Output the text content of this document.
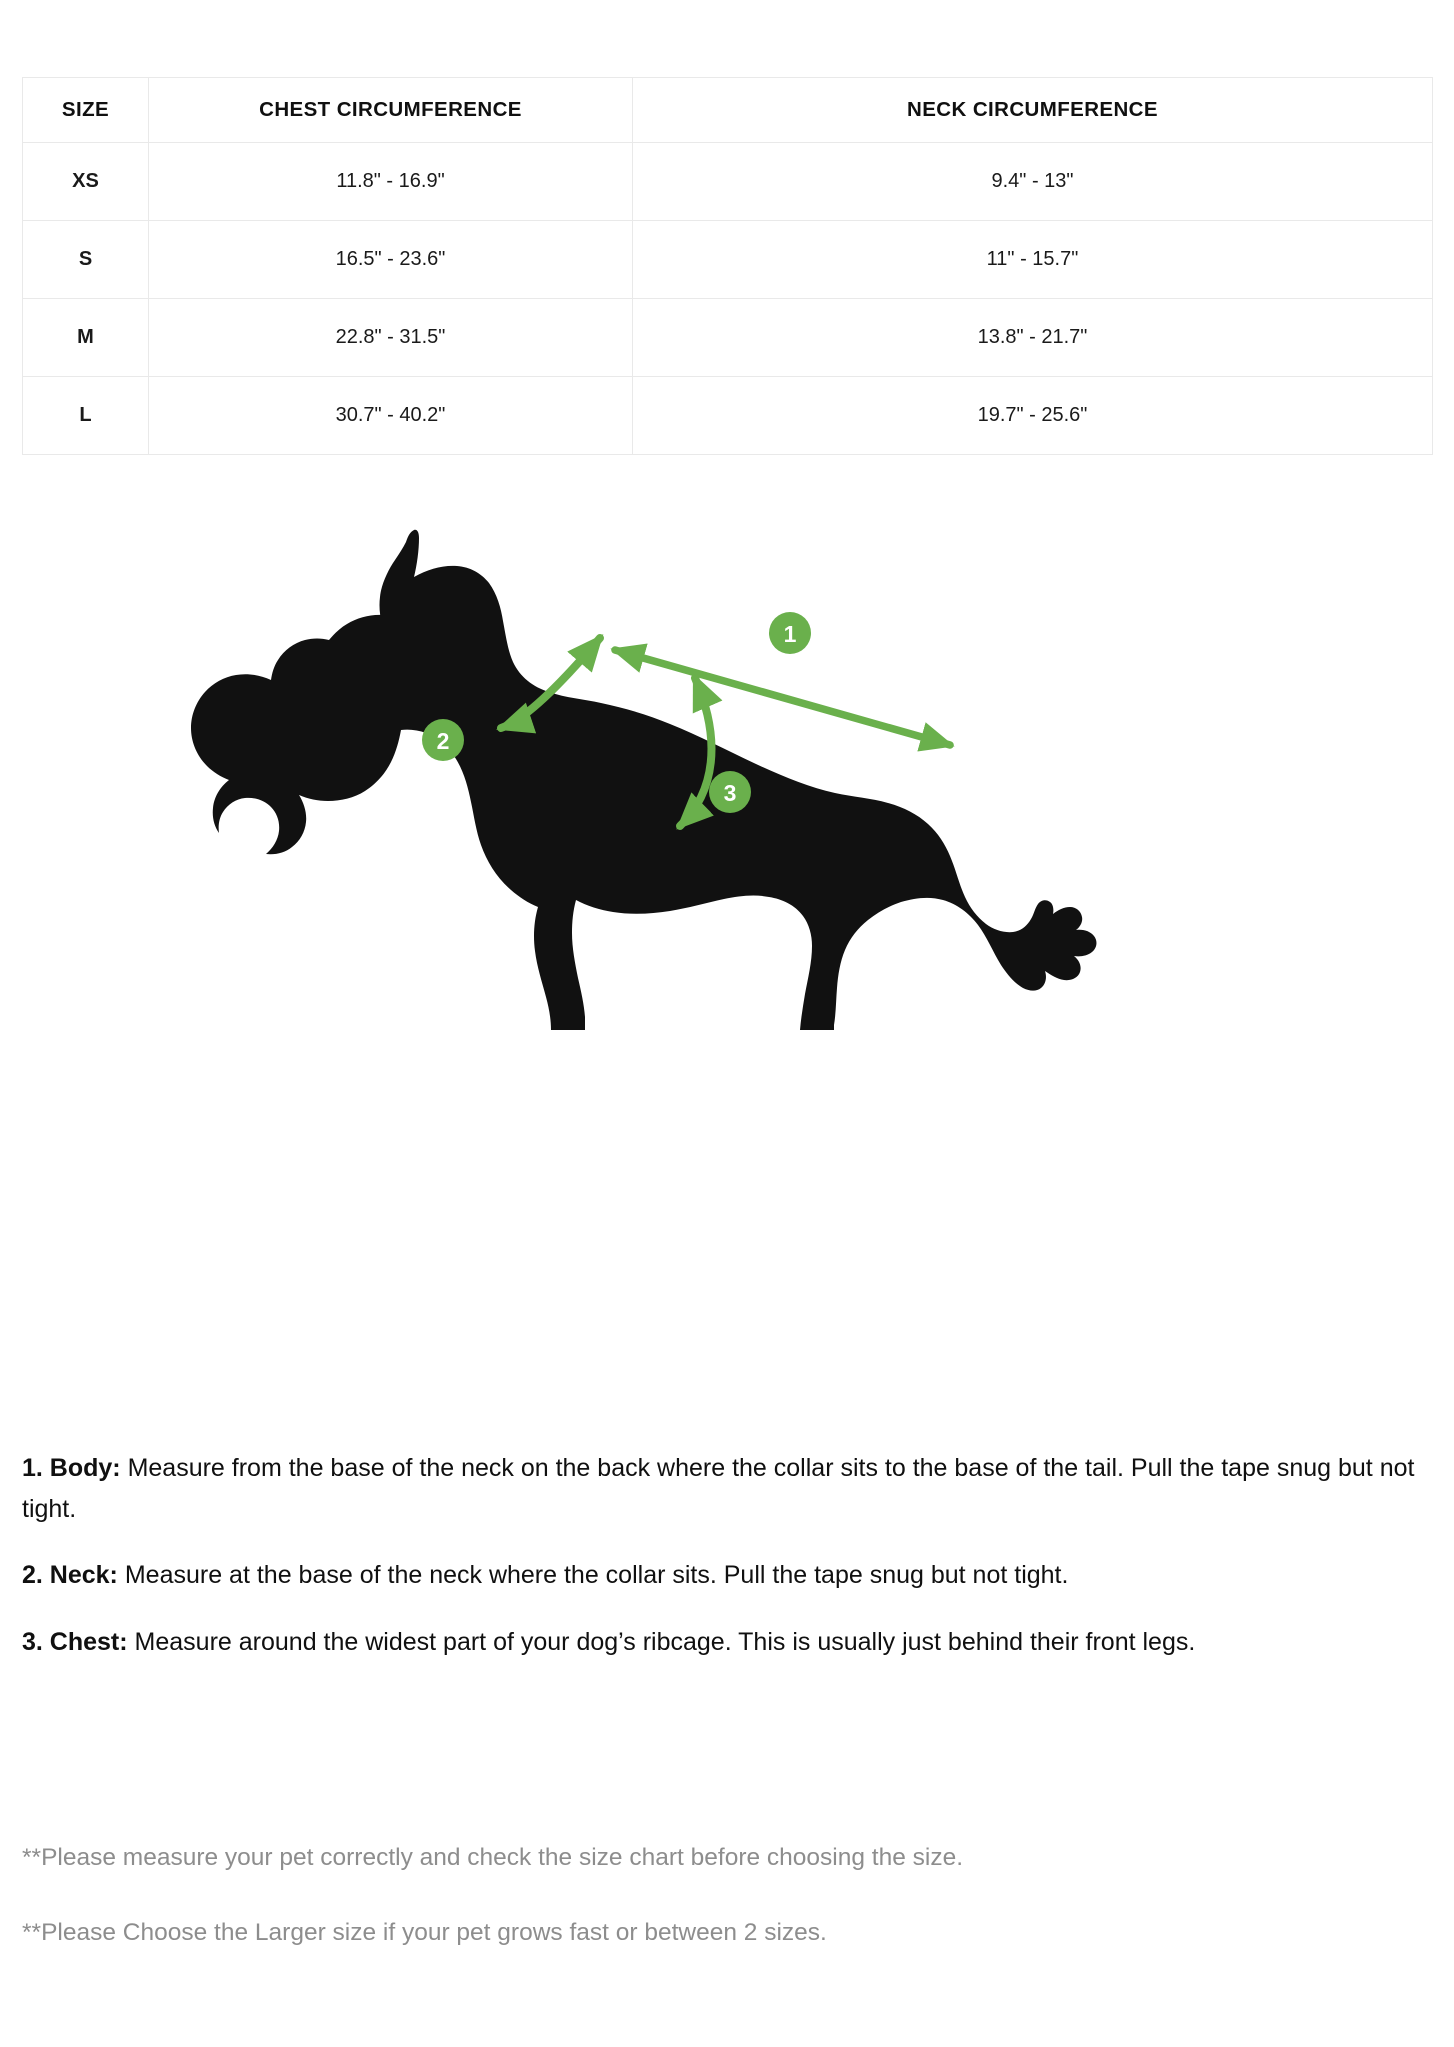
SIZE	CHEST CIRCUMFERENCE	NECK CIRCUMFERENCE
XS	11.8" - 16.9"	9.4" - 13"
S	16.5" - 23.6"	11" - 15.7"
M	22.8" - 31.5"	13.8" - 21.7"
L	30.7" - 40.2"	19.7" - 25.6"
1
2
3

1. Body: Measure from the base of the neck on the back where the collar sits to the base of the tail. Pull the tape snug but not tight.

2. Neck: Measure at the base of the neck where the collar sits. Pull the tape snug but not tight.

3. Chest: Measure around the widest part of your dog’s ribcage. This is usually just behind their front legs.

**Please measure your pet correctly and check the size chart before choosing the size.

**Please Choose the Larger size if your pet grows fast or between 2 sizes.
